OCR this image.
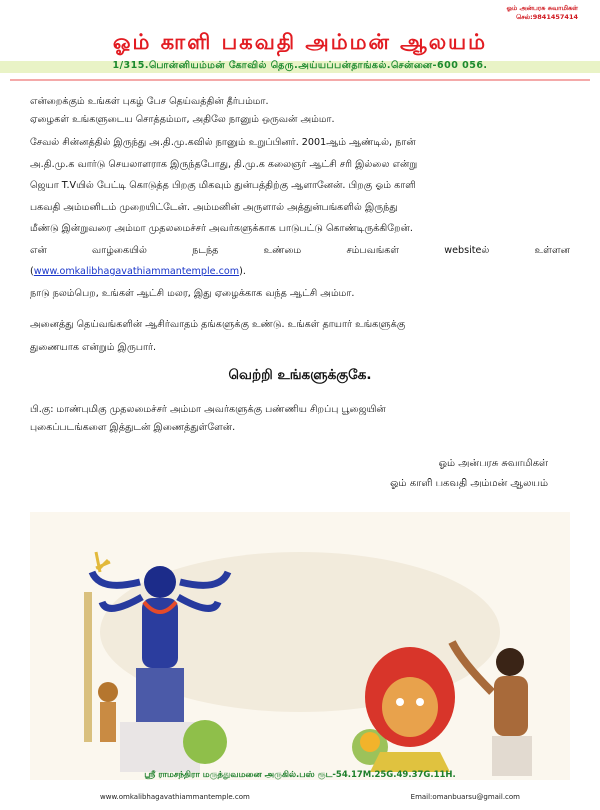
ஓம் அன்பரசு சுவாமிகள்
செல்:9841457414
ஓம் காளி பகவதி அம்மன் ஆலயம்
1/315.பொன்னியம்மன் கோவில் தெரு.அய்யப்பன்தாங்கல்.சென்னை-600 056.
என்றைக்கும் உங்கள் புகழ் பேச தெய்வத்தின் தீர்பம்மா.
ஏழைகள் உங்களுடைய சொத்தம்மா, அதிலே நானும் ஒருவன் அம்மா.
சேவல் சின்னத்தில் இருந்து அ.தி.மு.கவில் நானும் உறுப்பினர். 2001ஆம் ஆண்டில், நான்
அ.தி.மு.க வார்டு செயலாளராக இருந்தபோது, தி.மு.க கலைஞர் ஆட்சி சரி இல்லை என்று
ஜெயா T.Vயில் பேட்டி கொடுத்த பிறகு மிகவும் துன்பத்திற்கு ஆளானேன். பிறகு ஓம் காளி
பகவதி அம்மனிடம் முறையிட்டேன். அம்மனின் அருளால் அத்துன்பங்களில் இருந்து
மீண்டு இன்றுவரை அம்மா முதலமைச்சர் அவர்களுக்காக பாடுபட்டு கொண்டிருக்கிறேன்.
என்	வாழ்கையில்	நடந்த	உண்மை	சம்பவங்கள்	websiteல்	உள்ளன
(www.omkalibhagavathiammantemple.com).
நாடு நலம்பெற, உங்கள் ஆட்சி மலர, இது ஏழைக்காக வந்த ஆட்சி அம்மா.
அனைத்து தெய்வங்களின் ஆசிர்வாதம் தங்களுக்கு உண்டு. உங்கள் தாயார் உங்களுக்கு
துணையாக என்றும் இருபார்.
வெற்றி உங்களுக்குகே.
பி.கு: மாண்புமிகு முதலமைச்சர் அம்மா அவர்களுக்கு பண்ணிய சிறப்பு பூஜையின்
புகைப்படங்களை இத்துடன் இணைத்துள்ளேன்.
ஓம் அன்பரசு சுவாமிகள்
ஓம் காளி பகவதி அம்மன் ஆலயம்
ஸ்ரீ ராமசந்திரா மருத்துவமனை அருகில்.பஸ் ரூட-54.17M.25G.49.37G.11H.
www.omkalibhagavathiammantemple.com	Email:omanbuarsu@gmail.com
